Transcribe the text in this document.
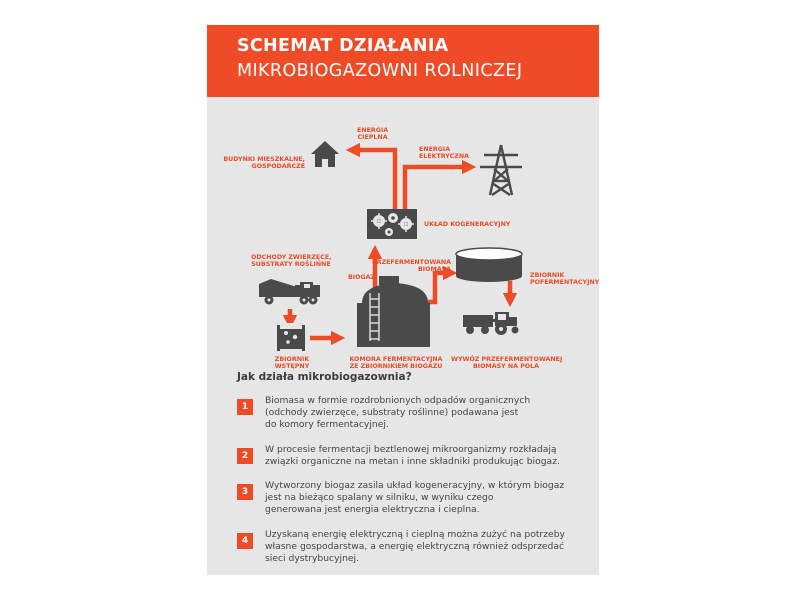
SCHEMAT DZIAŁANIA
MIKROBIOGAZOWNI ROLNICZEJ
ENERGIA
CIEPLNA
ENERGIA
ELEKTRYCZNA
BUDYNKI MIESZKALNE,
GOSPODARCZE
UKŁAD KOGENERACYJNY
ODCHODY ZWIERZĘCE,
SUBSTRATY ROŚLINNE
BIOGAZ
PRZEFERMENTOWANA
BIOMASA
ZBIORNIK
POFERMENTACYJNY
ZBIORNIK
WSTĘPNY
KOMORA FERMENTACYJNA
ZE ZBIORNIKIEM BIOGAZU
WYWÓZ PRZEFERMENTOWANEJ
BIOMASY NA POLA
Jak działa mikrobiogazownia?
1
Biomasa w formie rozdrobnionych odpadów organicznych
(odchody zwierzęce, substraty roślinne) podawana jest
do komory fermentacyjnej.
2
W procesie fermentacji beztlenowej mikroorganizmy rozkładają
związki organiczne na metan i inne składniki produkując biogaz.
3
Wytworzony biogaz zasila układ kogeneracyjny, w którym biogaz
jest na bieżąco spalany w silniku, w wyniku czego
generowana jest energia elektryczna i cieplna.
4
Uzyskaną energię elektryczną i cieplną można zużyć na potrzeby
własne gospodarstwa, a energię elektryczną również odsprzedać
sieci dystrybucyjnej.
